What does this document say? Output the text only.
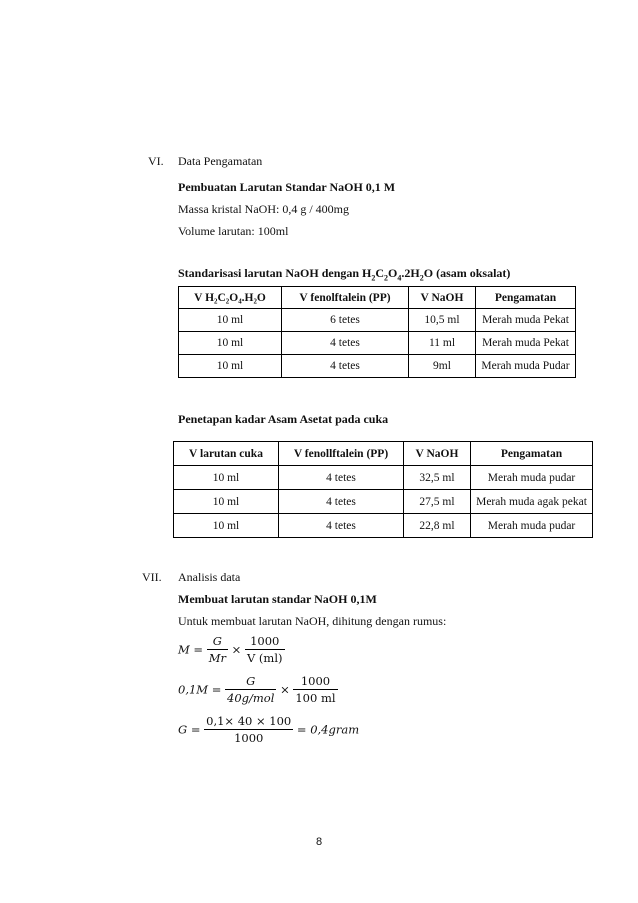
VI. Data Pengamatan
Pembuatan Larutan Standar NaOH 0,1 M
Massa kristal NaOH: 0,4 g / 400mg
Volume larutan: 100ml
Standarisasi larutan NaOH dengan $H_2C_2O_4.2H_2O$ (asam oksalat)
V H₂C₂O₄.H₂O	V fenolftalein (PP)	V NaOH	Pengamatan
10 ml	6 tetes	10,5 ml	Merah muda Pekat
10 ml	4 tetes	11 ml	Merah muda Pekat
10 ml	4 tetes	9ml	Merah muda Pudar
Penetapan kadar Asam Asetat pada cuka
V larutan cuka	V fenollftalein (PP)	V NaOH	Pengamatan
10 ml	4 tetes	32,5 ml	Merah muda pudar
10 ml	4 tetes	27,5 ml	Merah muda agak pekat
10 ml	4 tetes	22,8 ml	Merah muda pudar
VII. Analisis data
Membuat larutan standar NaOH 0,1M
Untuk membuat larutan NaOH, dihitung dengan rumus:
$M = \frac{G}{Mr} \times \frac{1000}{V (ml)}$
$0,1M = \frac{G}{\text{40g/mol}} \times \frac{1000}{100 ml}$
$G = \frac{0,1\times 40 \times 100}{1000}$ = 0,4gram
8
